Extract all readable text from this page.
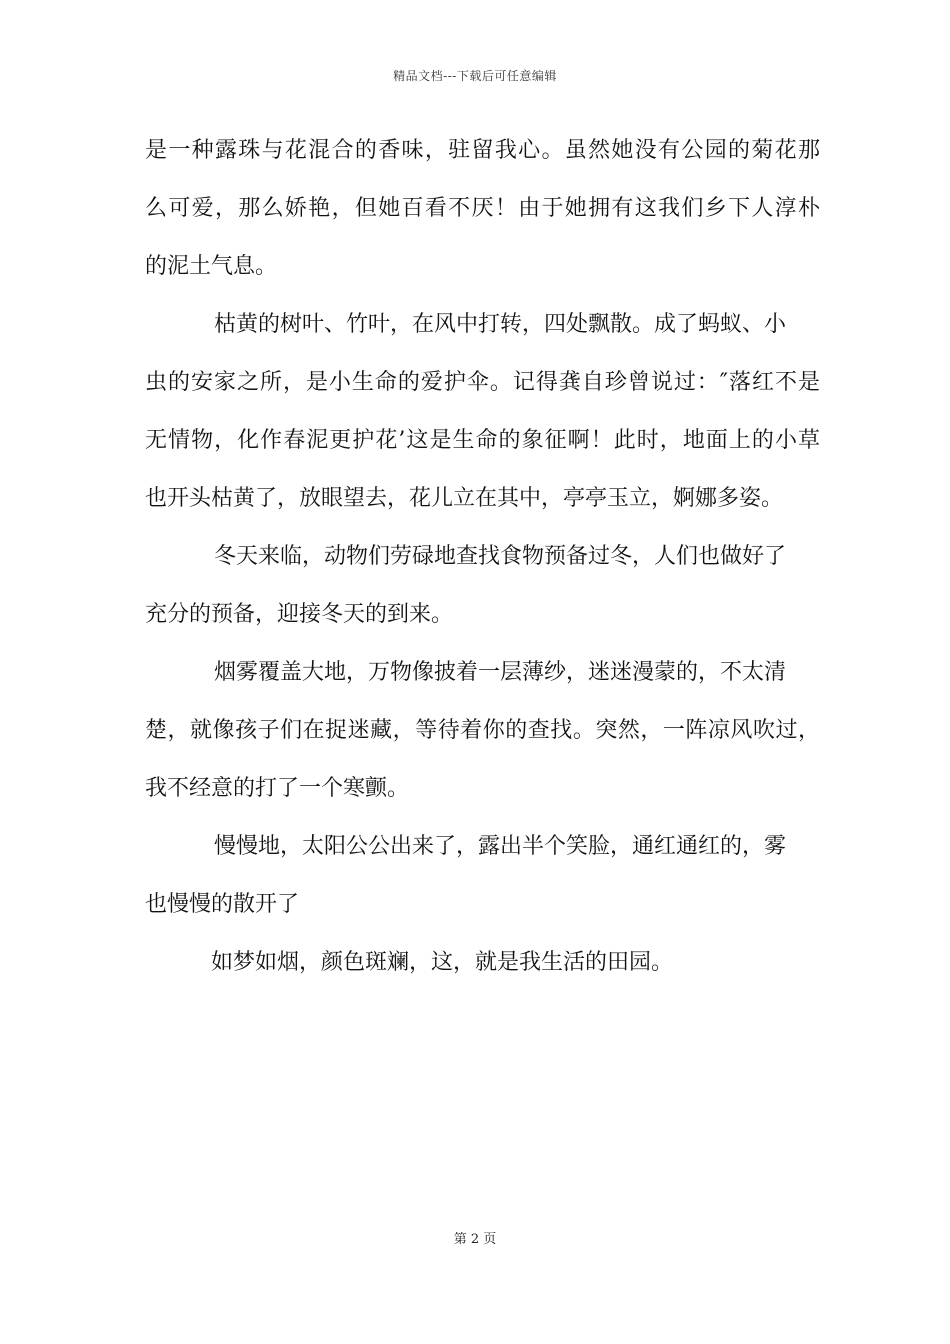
精品文档---下载后可任意编辑
是一种露珠与花混合的香味，驻留我心。虽然她没有公园的菊花那
么可爱，那么娇艳，但她百看不厌！由于她拥有这我们乡下人淳朴
的泥土气息。
枯黄的树叶、竹叶，在风中打转，四处飘散。成了蚂蚁、小
虫的安家之所，是小生命的爱护伞。记得龚自珍曾说过：″落红不是
无情物，化作春泥更护花’这是生命的象征啊！此时，地面上的小草
也开头枯黄了，放眼望去，花儿立在其中，亭亭玉立，婀娜多姿。
冬天来临，动物们劳碌地查找食物预备过冬，人们也做好了
充分的预备，迎接冬天的到来。
烟雾覆盖大地，万物像披着一层薄纱，迷迷漫蒙的，不太清
楚，就像孩子们在捉迷藏，等待着你的查找。突然，一阵凉风吹过，
我不经意的打了一个寒颤。
慢慢地，太阳公公出来了，露出半个笑脸，通红通红的，雾
也慢慢的散开了
如梦如烟，颜色斑斓，这，就是我生活的田园。
第 2 页
